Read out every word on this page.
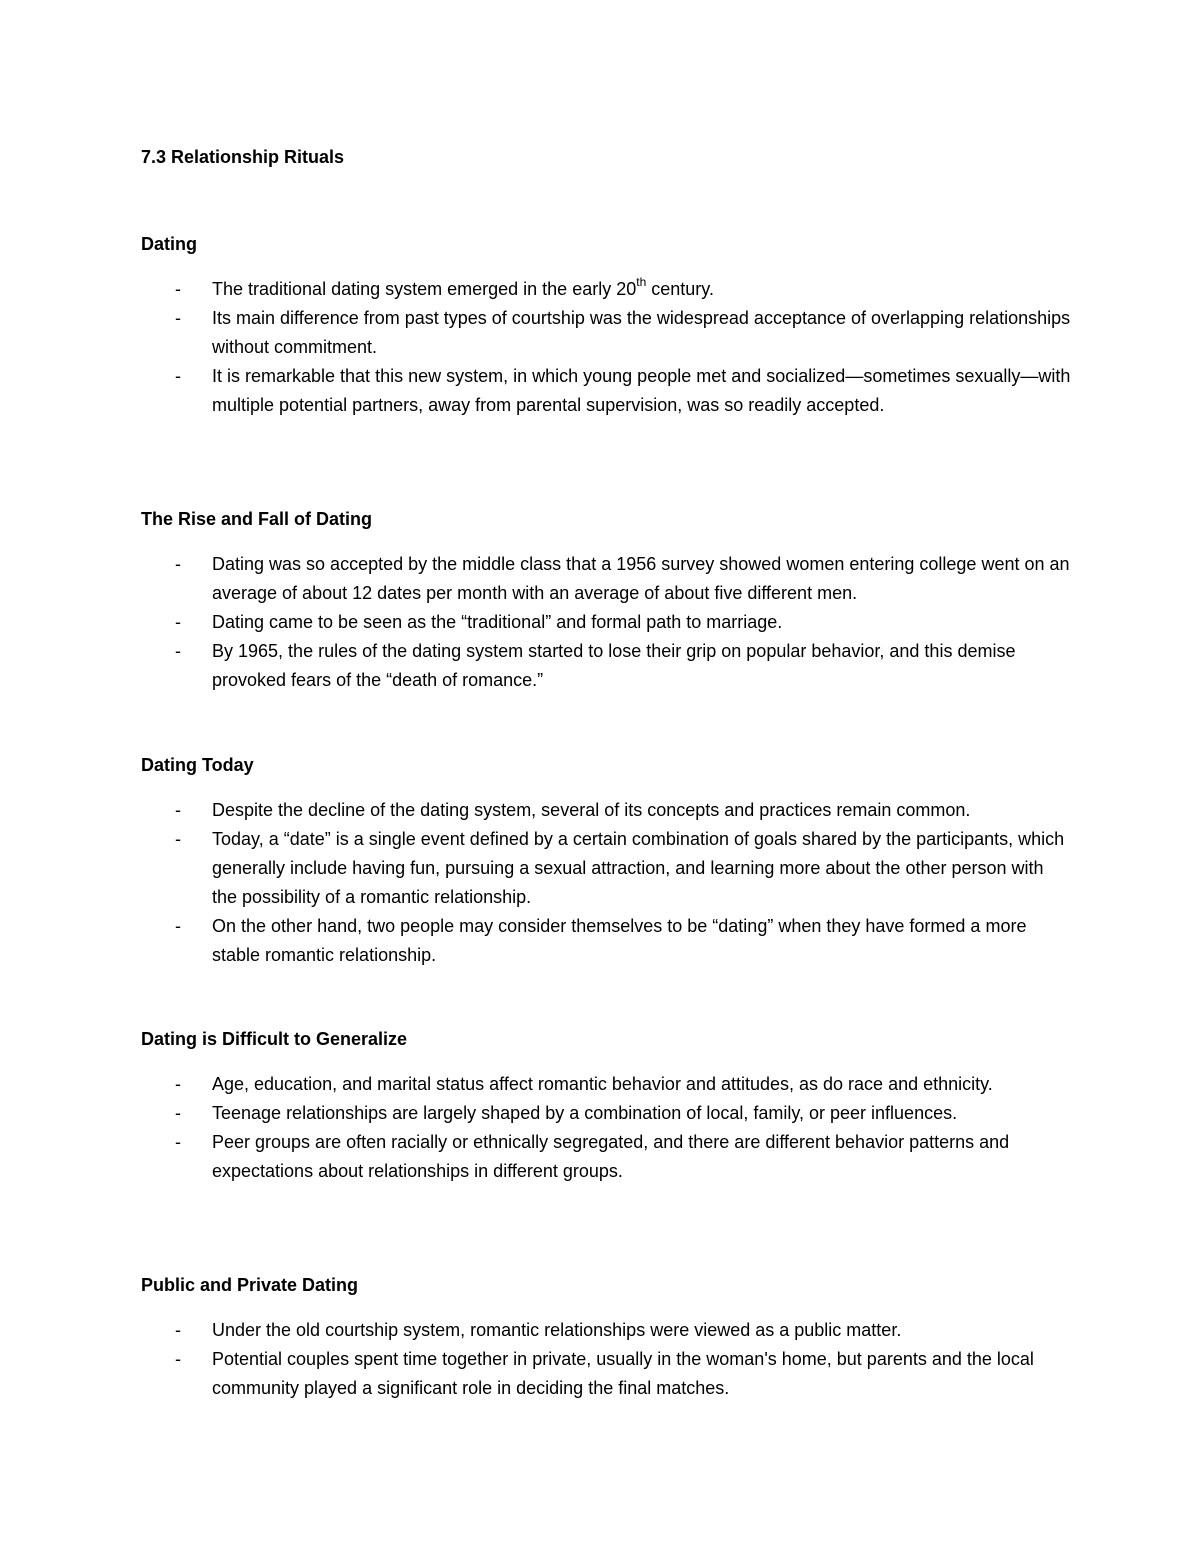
7.3 Relationship Rituals
Dating
- The traditional dating system emerged in the early 20th century.
- Its main difference from past types of courtship was the widespread acceptance of overlapping relationships without commitment.
- It is remarkable that this new system, in which young people met and socialized—sometimes sexually—with multiple potential partners, away from parental supervision, was so readily accepted.
The Rise and Fall of Dating
- Dating was so accepted by the middle class that a 1956 survey showed women entering college went on an average of about 12 dates per month with an average of about five different men.
- Dating came to be seen as the “traditional” and formal path to marriage.
- By 1965, the rules of the dating system started to lose their grip on popular behavior, and this demise provoked fears of the “death of romance.”
Dating Today
- Despite the decline of the dating system, several of its concepts and practices remain common.
- Today, a “date” is a single event defined by a certain combination of goals shared by the participants, which generally include having fun, pursuing a sexual attraction, and learning more about the other person with the possibility of a romantic relationship.
- On the other hand, two people may consider themselves to be “dating” when they have formed a more stable romantic relationship.
Dating is Difficult to Generalize
- Age, education, and marital status affect romantic behavior and attitudes, as do race and ethnicity.
- Teenage relationships are largely shaped by a combination of local, family, or peer influences.
- Peer groups are often racially or ethnically segregated, and there are different behavior patterns and expectations about relationships in different groups.
Public and Private Dating
- Under the old courtship system, romantic relationships were viewed as a public matter.
- Potential couples spent time together in private, usually in the woman's home, but parents and the local community played a significant role in deciding the final matches.
